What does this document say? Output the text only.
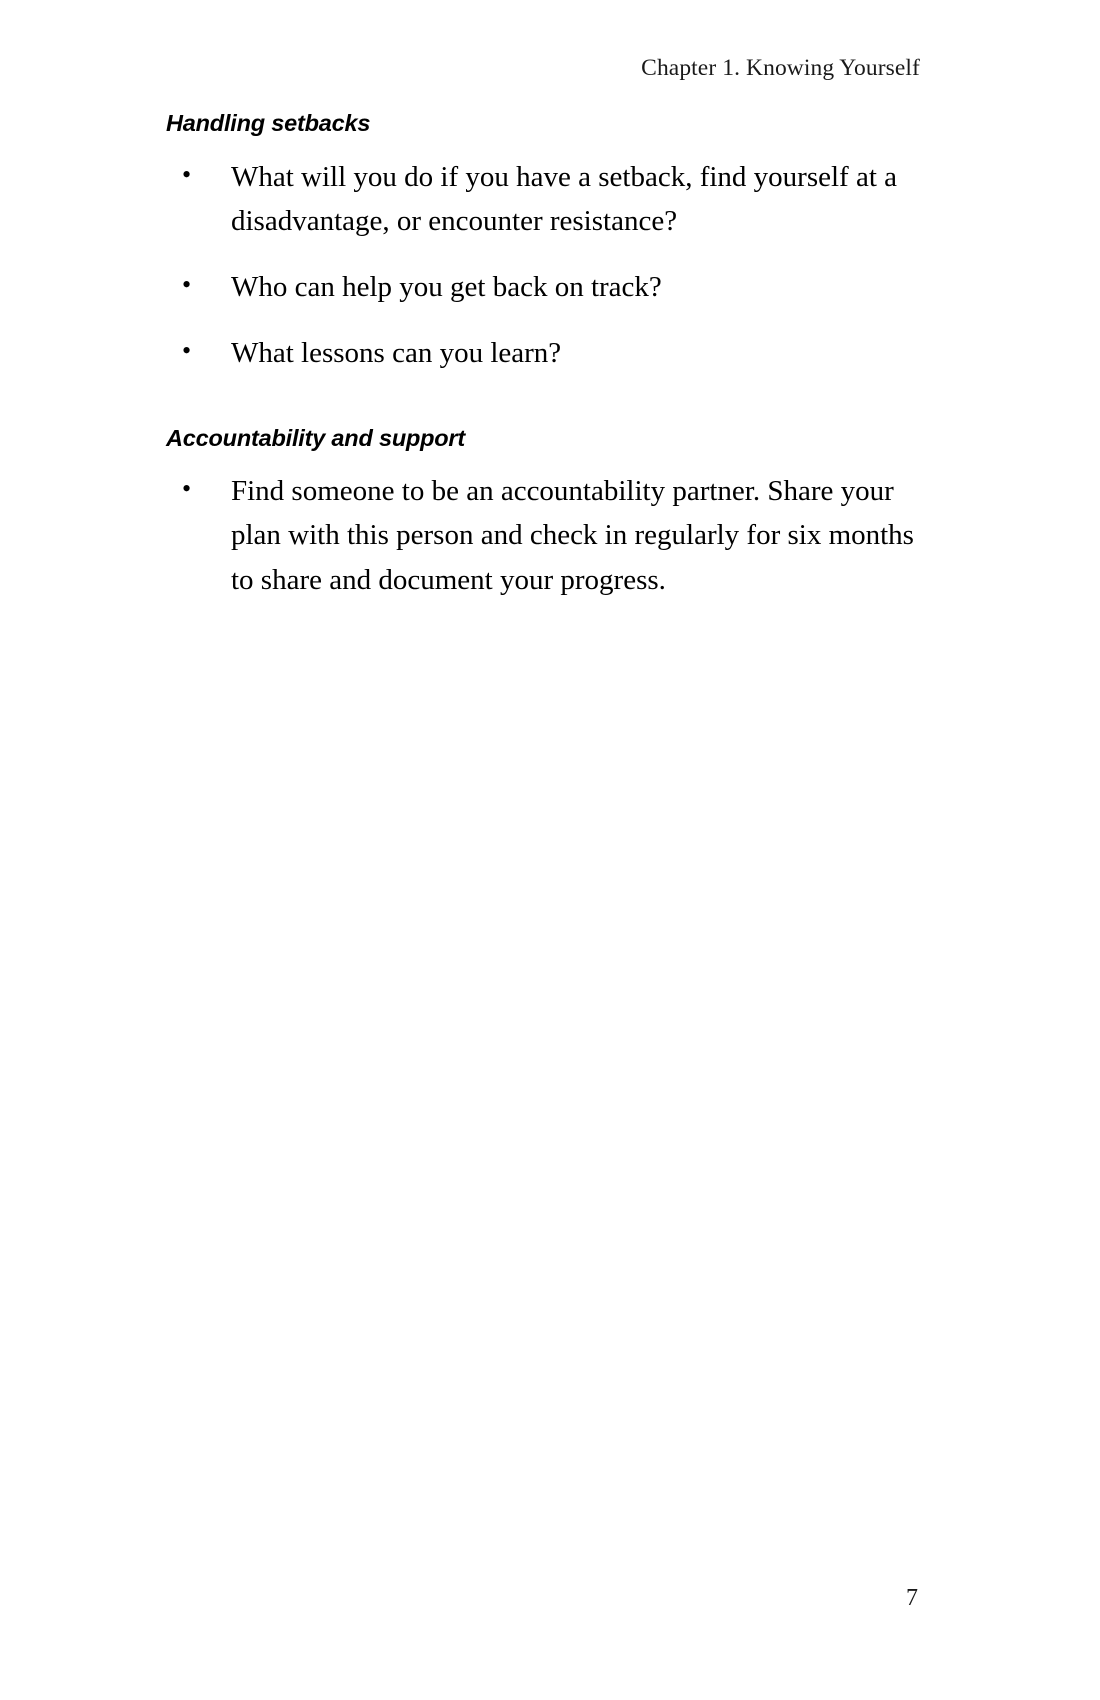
Chapter 1. Knowing Yourself
Handling setbacks
• What will you do if you have a setback, find yourself at a disadvantage, or encounter resistance?
• Who can help you get back on track?
• What lessons can you learn?
Accountability and support
• Find someone to be an accountability partner. Share your plan with this person and check in regularly for six months to share and document your progress.
7
